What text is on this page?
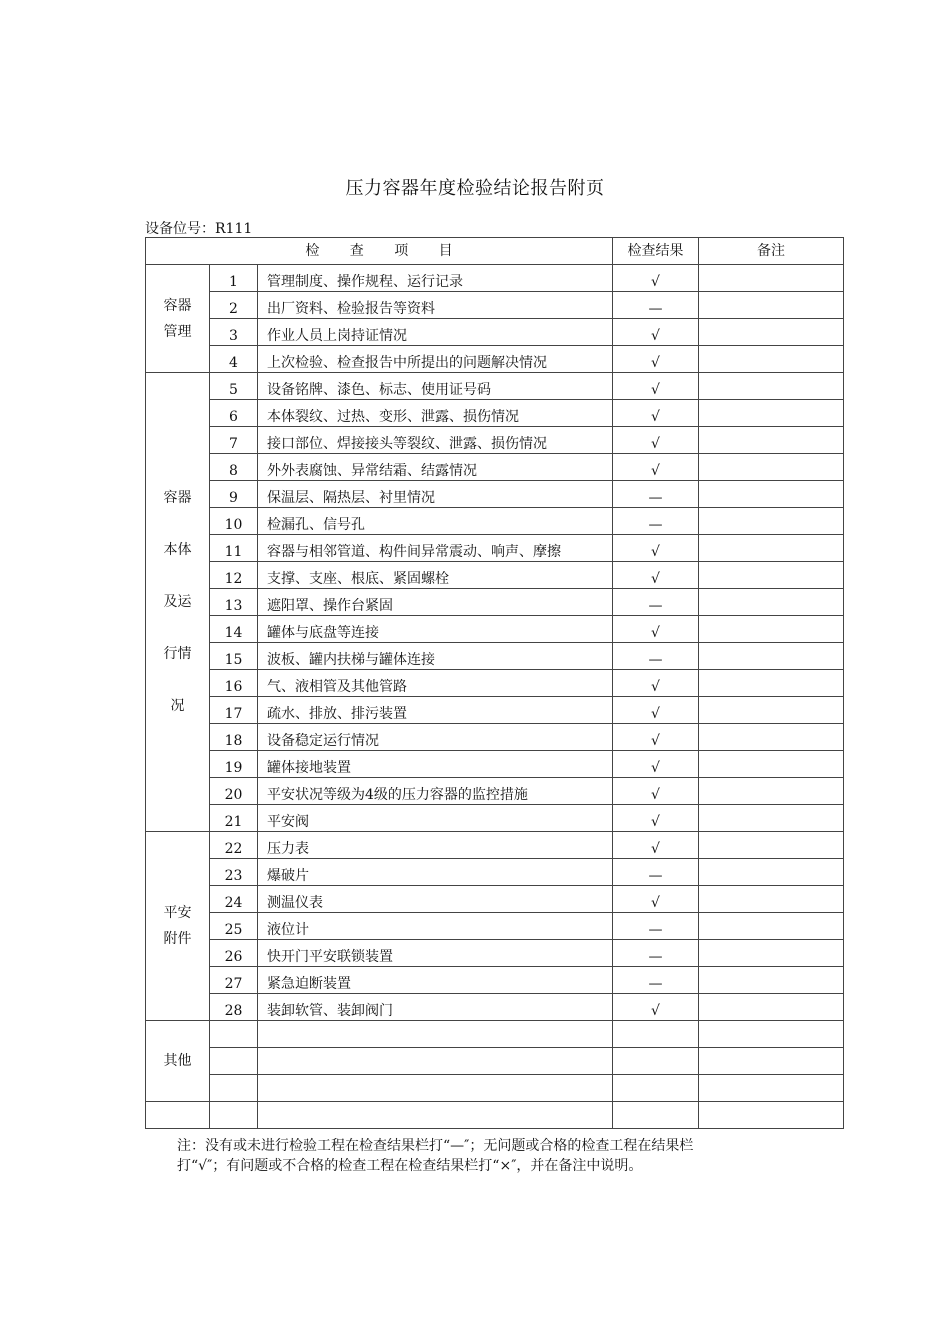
压力容器年度检验结论报告附页
设备位号：R111
检 查 项 目			检查结果	备注

容器
管理	1	管理制度、操作规程、运行记录	√	
	2	出厂资料、检验报告等资料	—	
	3	作业人员上岗持证情况	√	
	4	上次检验、检查报告中所提出的问题解决情况	√	

容器
本体
及运
行情
况	5	设备铭牌、漆色、标志、使用证号码	√	
	6	本体裂纹、过热、变形、泄露、损伤情况	√	
	7	接口部位、焊接接头等裂纹、泄露、损伤情况	√	
	8	外外表腐蚀、异常结霜、结露情况	√	
	9	保温层、隔热层、衬里情况	—	
	10	检漏孔、信号孔	—	
	11	容器与相邻管道、构件间异常震动、响声、摩擦	√	
	12	支撑、支座、根底、紧固螺栓	√	
	13	遮阳罩、操作台紧固	—	
	14	罐体与底盘等连接	√	
	15	波板、罐内扶梯与罐体连接	—	
	16	气、液相管及其他管路	√	
	17	疏水、排放、排污装置	√	
	18	设备稳定运行情况	√	
	19	罐体接地装置	√	
	20	平安状况等级为4级的压力容器的监控措施	√	
	21	平安阀	√	

平安
附件	22	压力表	√	
	23	爆破片	—	
	24	测温仪表	√	
	25	液位计	—	
	26	快开门平安联锁装置	—	
	27	紧急迫断装置	—	
	28	装卸软管、装卸阀门	√	

其他				

注：没有或未进行检验工程在检查结果栏打“—″；无问题或合格的检查工程在结果栏
打“√″；有问题或不合格的检查工程在检查结果栏打“×″，并在备注中说明。
